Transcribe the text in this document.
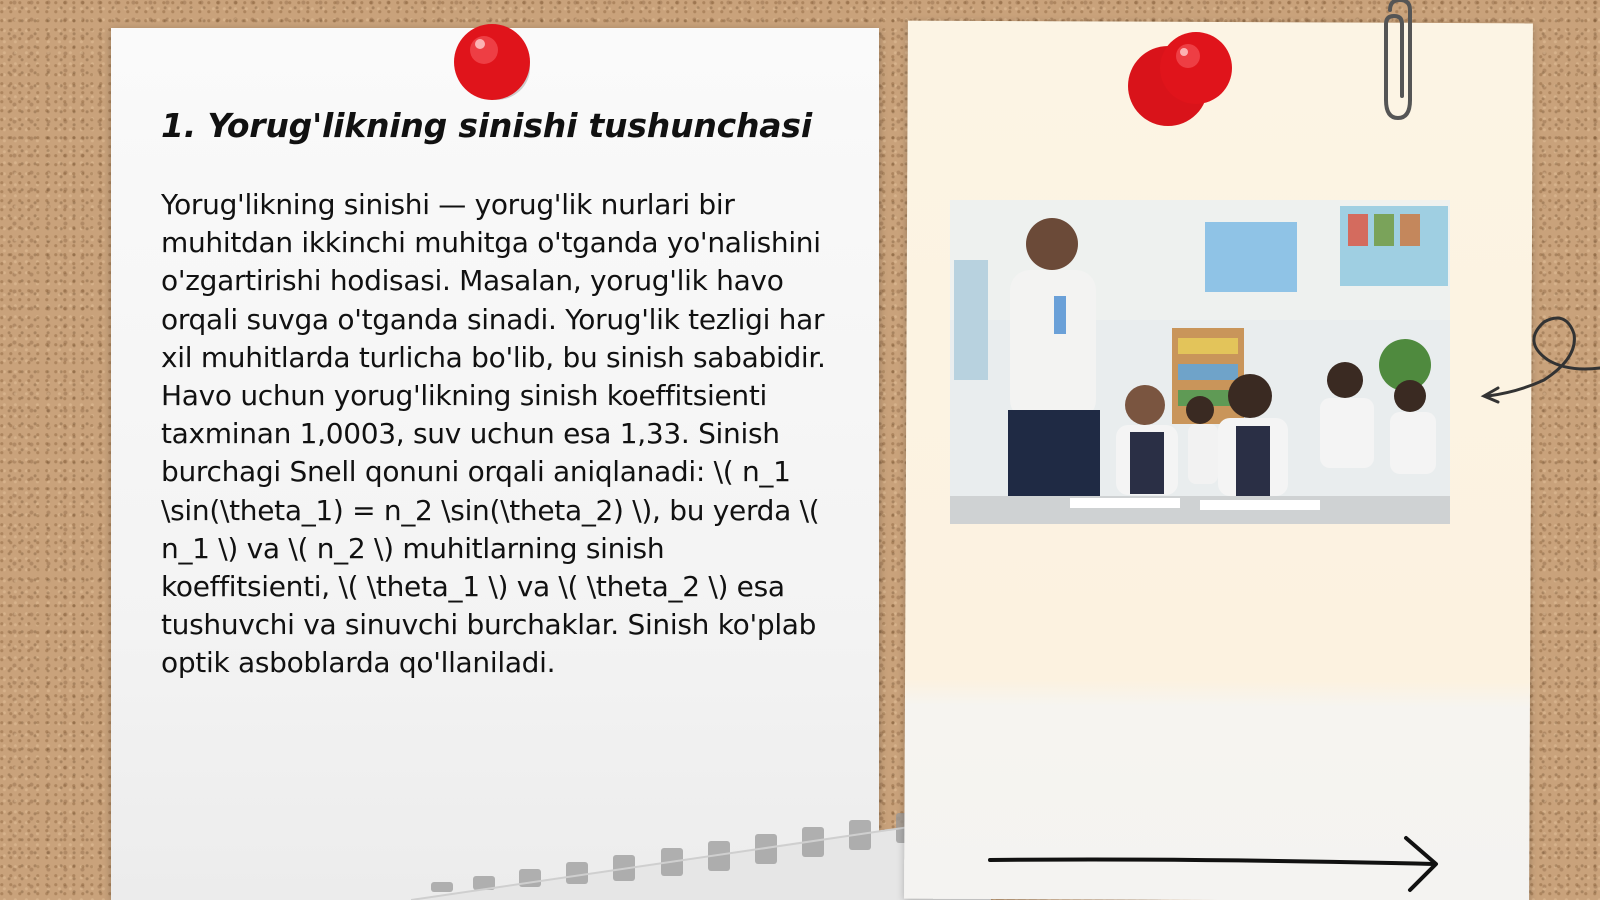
1. Yorug'likning sinishi tushunchasi

Yorug'likning sinishi — yorug'lik nurlari bir muhitdan ikkinchi muhitga o'tganda yo'nalishini o'zgartirishi hodisasi. Masalan, yorug'lik havo orqali suvga o'tganda sinadi. Yorug'lik tezligi har xil muhitlarda turlicha bo'lib, bu sinish sababidir. Havo uchun yorug'likning sinish koeffitsienti taxminan 1,0003, suv uchun esa 1,33. Sinish burchagi Snell qonuni orqali aniqlanadi: \( n_1 \sin(\theta_1) = n_2 \sin(\theta_2) \), bu yerda \( n_1 \) va \( n_2 \) muhitlarning sinish koeffitsienti, \( \theta_1 \) va \( \theta_2 \) esa tushuvchi va sinuvchi burchaklar. Sinish ko'plab optik asboblarda qo'llaniladi.
